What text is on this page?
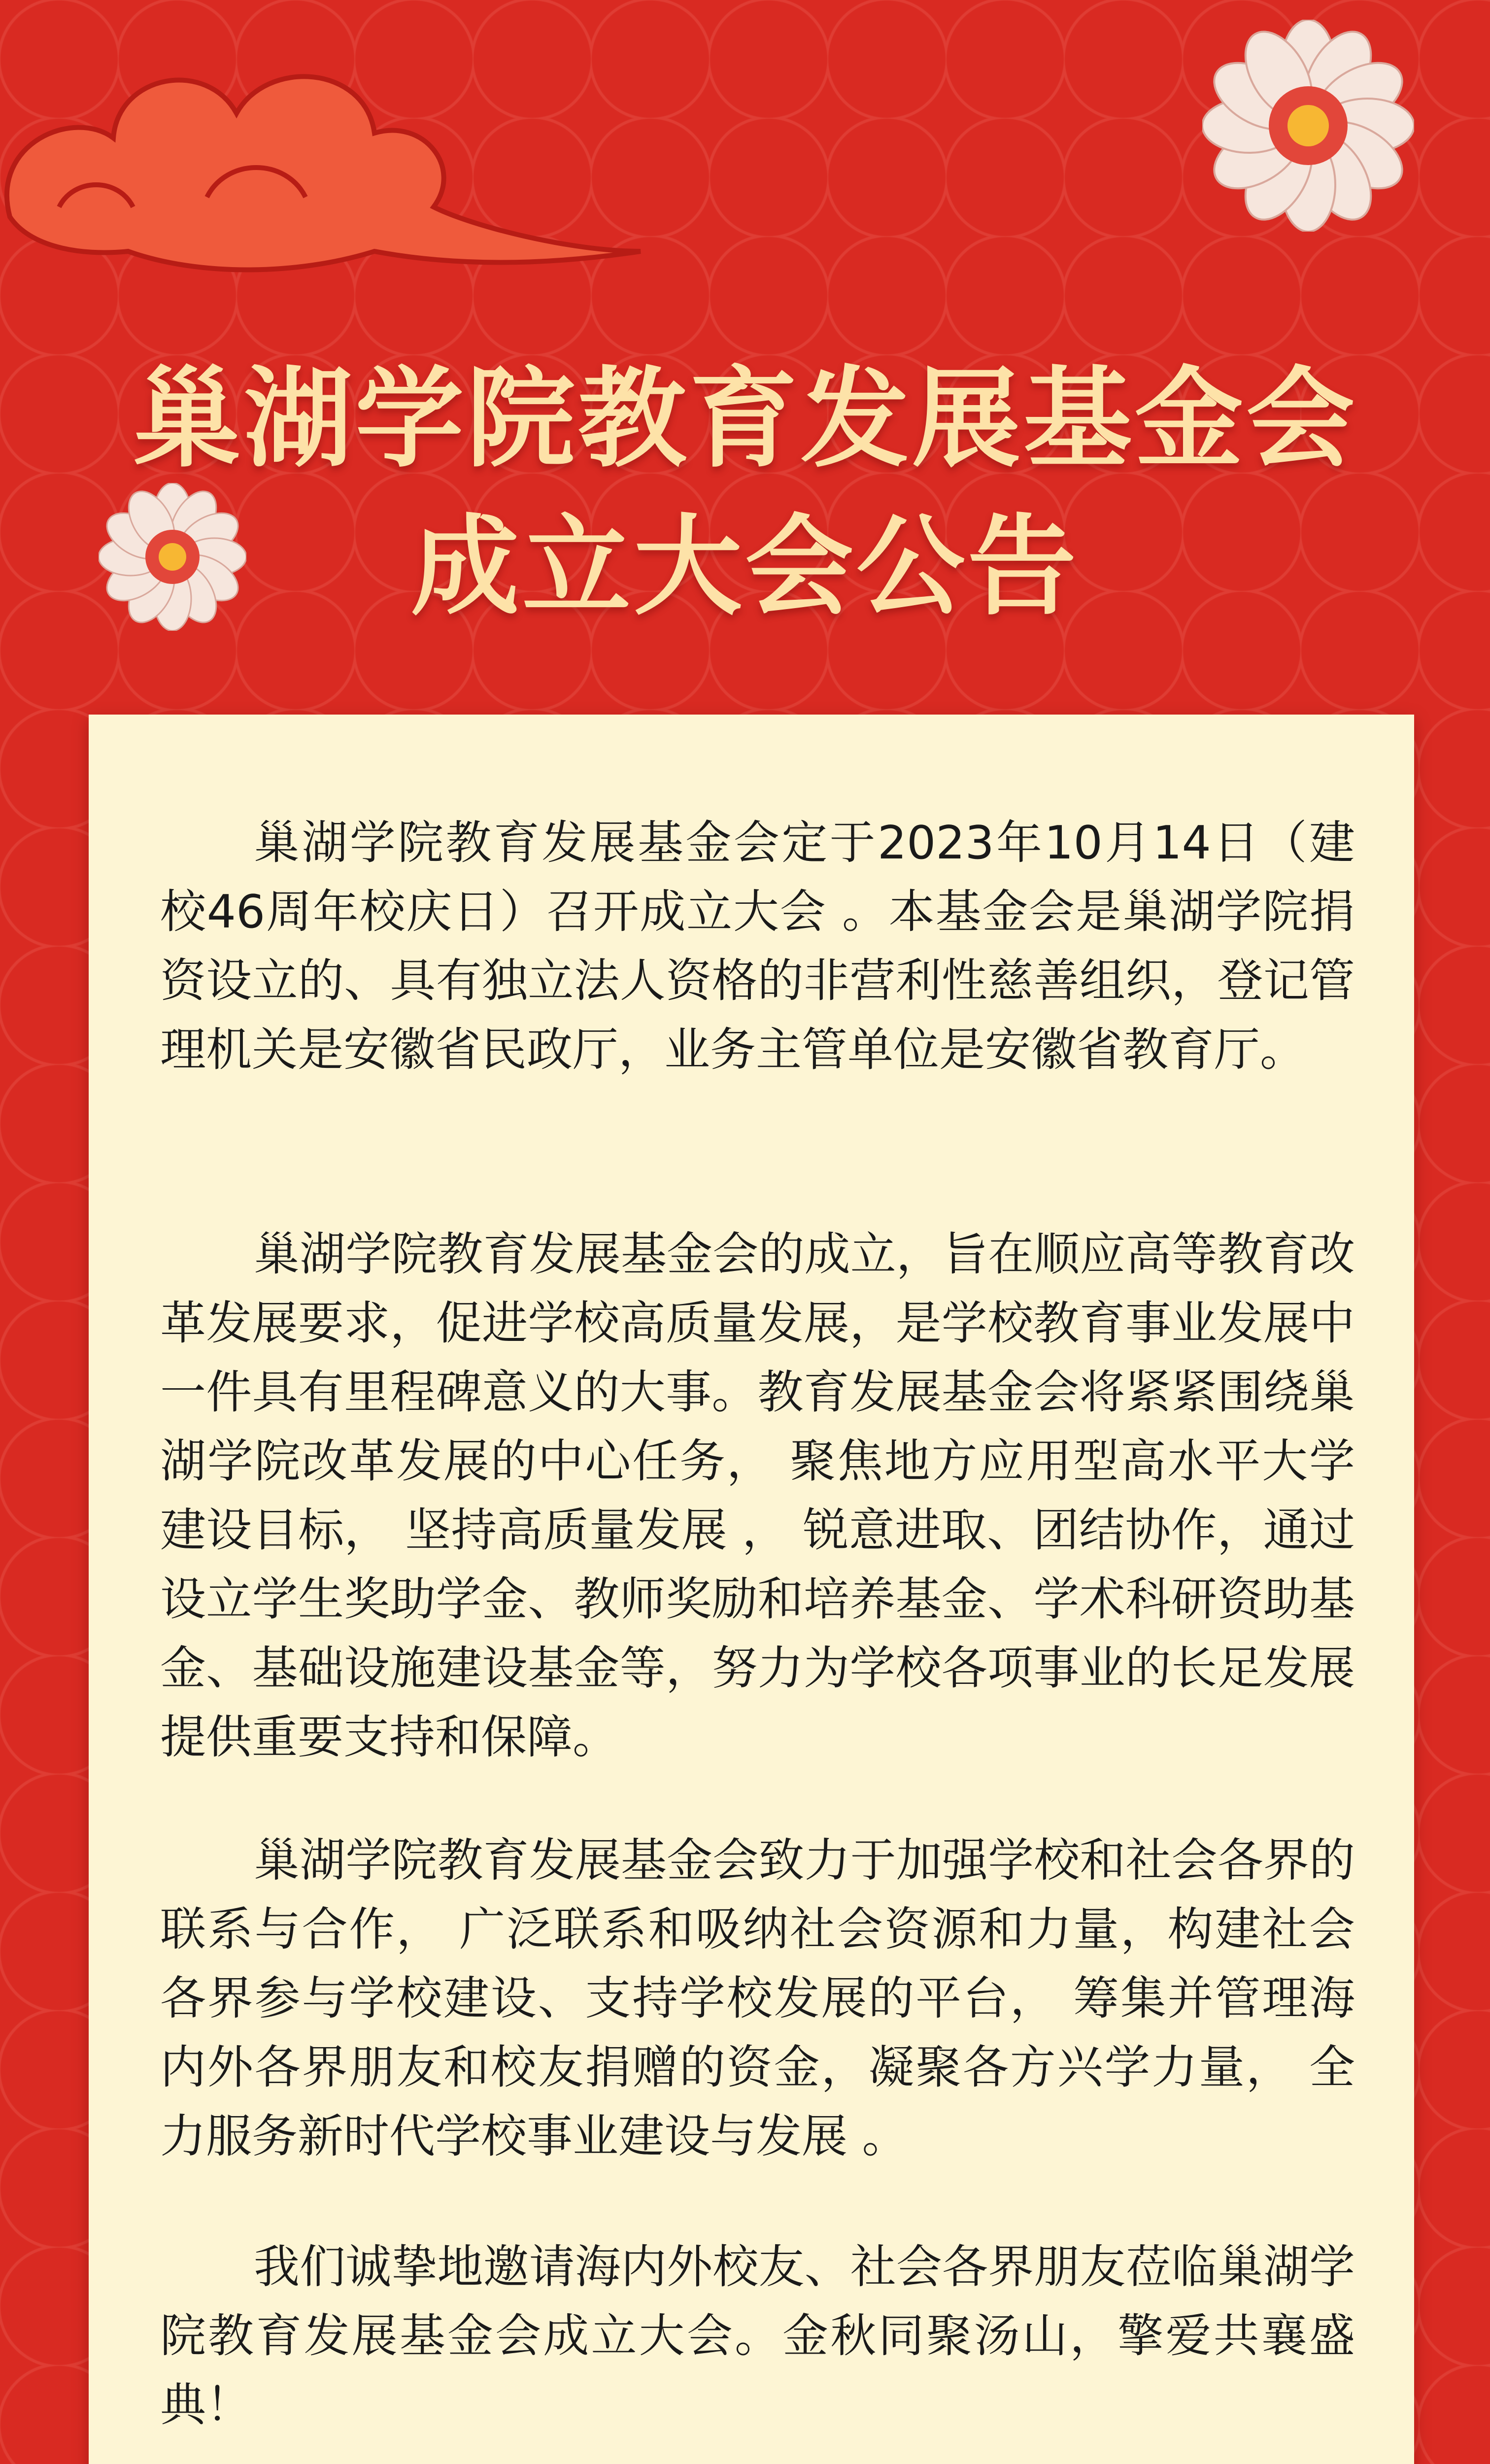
巢湖学院教育发展基金会
成立大会公告
巢湖学院教育发展基金会定于2023年10月14日（建校46周年校庆日）召开成立大会 。本基金会是巢湖学院捐资设立的、具有独立法人资格的非营利性慈善组织，登记管理机关是安徽省民政厅，业务主管单位是安徽省教育厅。
巢湖学院教育发展基金会的成立，旨在顺应高等教育改革发展要求，促进学校高质量发展，是学校教育事业发展中一件具有里程碑意义的大事。教育发展基金会将紧紧围绕巢湖学院改革发展的中心任务， 聚焦地方应用型高水平大学建设目标， 坚持高质量发展 ， 锐意进取、团结协作，通过设立学生奖助学金、教师奖励和培养基金、学术科研资助基金、基础设施建设基金等，努力为学校各项事业的长足发展提供重要支持和保障。
巢湖学院教育发展基金会致力于加强学校和社会各界的联系与合作， 广泛联系和吸纳社会资源和力量，构建社会各界参与学校建设、支持学校发展的平台， 筹集并管理海内外各界朋友和校友捐赠的资金，凝聚各方兴学力量， 全力服务新时代学校事业建设与发展 。
我们诚挚地邀请海内外校友、社会各界朋友莅临巢湖学院教育发展基金会成立大会。金秋同聚汤山，擎爱共襄盛典！
